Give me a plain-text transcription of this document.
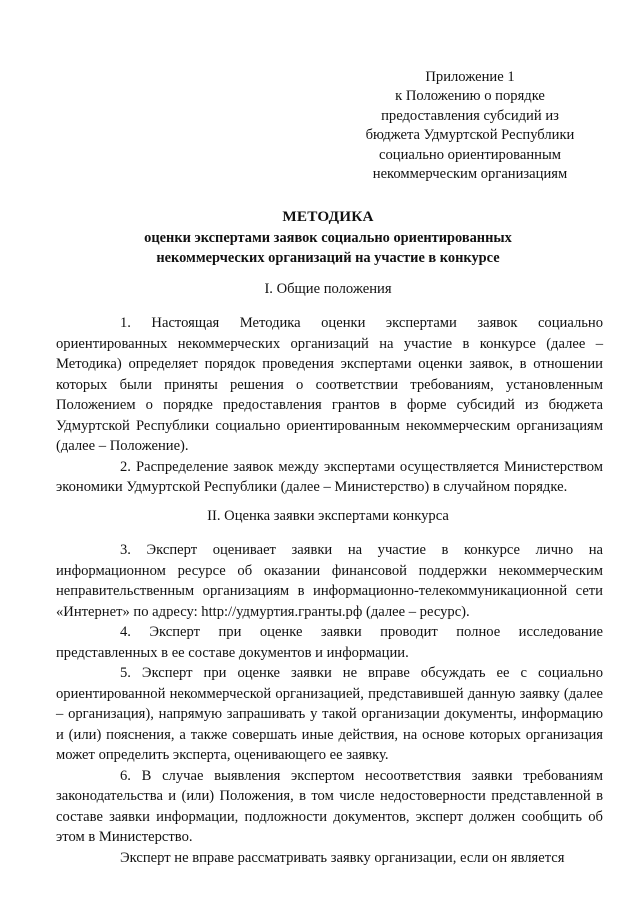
Приложение 1
к Положению о порядке
предоставления субсидий из
бюджета Удмуртской Республики
социально ориентированным
некоммерческим организациям
МЕТОДИКА
оценки экспертами заявок социально ориентированных
некоммерческих организаций на участие в конкурсе
I. Общие положения

1. Настоящая Методика оценки экспертами заявок социально ориентированных некоммерческих организаций на участие в конкурсе (далее – Методика) определяет порядок проведения экспертами оценки заявок, в отношении которых были приняты решения о соответствии требованиям, установленным Положением о порядке предоставления грантов в форме субсидий из бюджета Удмуртской Республики социально ориентированным некоммерческим организациям (далее – Положение).

2. Распределение заявок между экспертами осуществляется Министерством экономики Удмуртской Республики (далее – Министерство) в случайном порядке.

II. Оценка заявки экспертами конкурса

3. Эксперт оценивает заявки на участие в конкурсе лично на информационном ресурсе об оказании финансовой поддержки некоммерческим неправительственным организациям в информационно-телекоммуникационной сети «Интернет» по адресу: http://удмуртия.гранты.рф (далее – ресурс).

4. Эксперт при оценке заявки проводит полное исследование представленных в ее составе документов и информации.

5. Эксперт при оценке заявки не вправе обсуждать ее с социально ориентированной некоммерческой организацией, представившей данную заявку (далее – организация), напрямую запрашивать у такой организации документы, информацию и (или) пояснения, а также совершать иные действия, на основе которых организация может определить эксперта, оценивающего ее заявку.

6. В случае выявления экспертом несоответствия заявки требованиям законодательства и (или) Положения, в том числе недостоверности представленной в составе заявки информации, подложности документов, эксперт должен сообщить об этом в Министерство.

Эксперт не вправе рассматривать заявку организации, если он является
